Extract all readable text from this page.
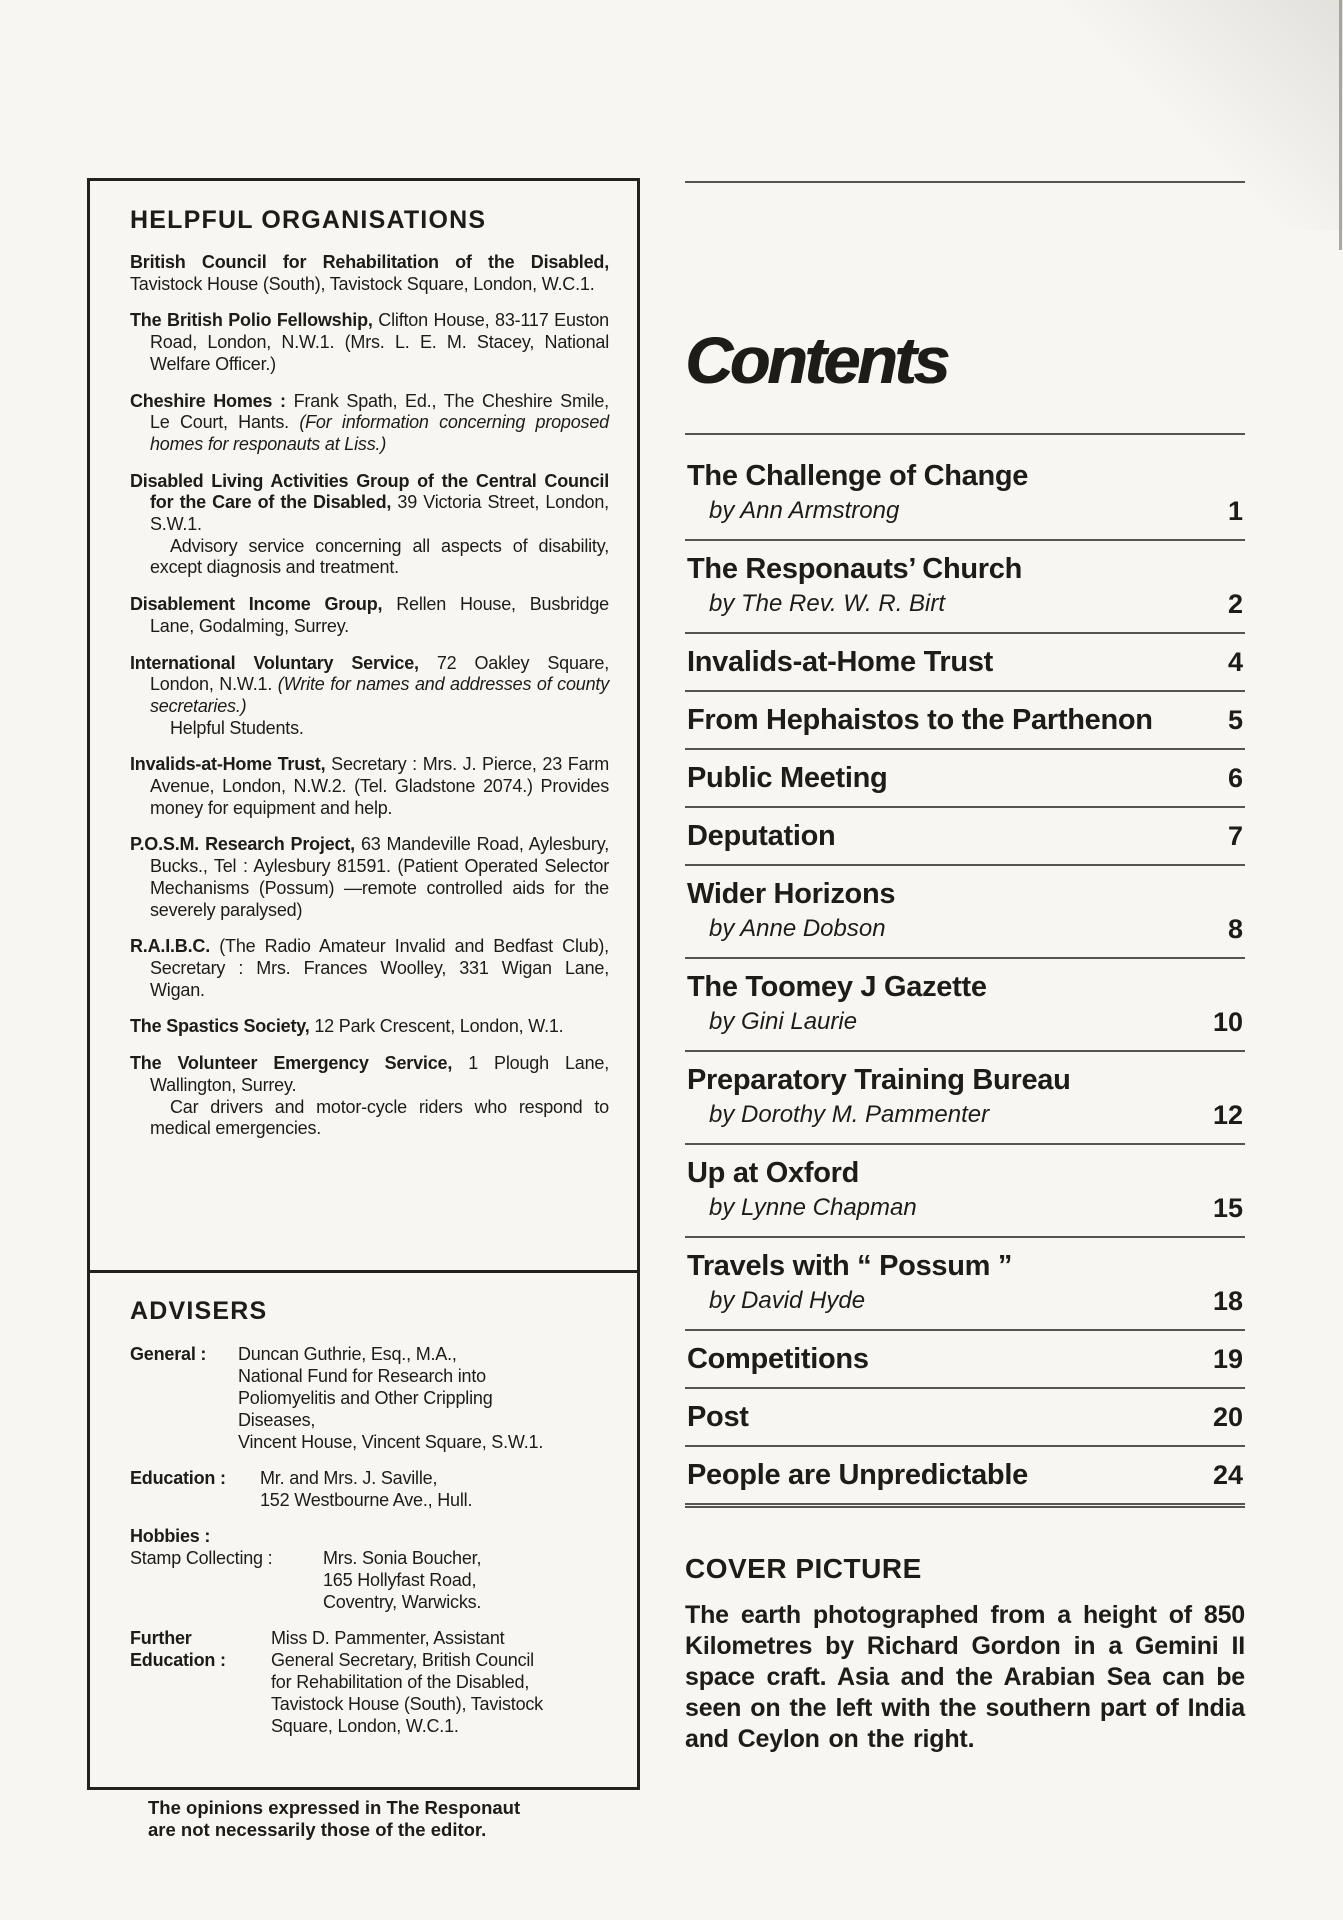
HELPFUL ORGANISATIONS

British Council for Rehabilitation of the Disabled, Tavistock House (South), Tavistock Square, London, W.C.1.

The British Polio Fellowship, Clifton House, 83-117 Euston Road, London, N.W.1. (Mrs. L. E. M. Stacey, National Welfare Officer.)

Cheshire Homes : Frank Spath, Ed., The Cheshire Smile, Le Court, Hants. (For information concerning proposed homes for responauts at Liss.)

Disabled Living Activities Group of the Central Council for the Care of the Disabled, 39 Victoria Street, London, S.W.1.
Advisory service concerning all aspects of disability, except diagnosis and treatment.

Disablement Income Group, Rellen House, Busbridge Lane, Godalming, Surrey.

International Voluntary Service, 72 Oakley Square, London, N.W.1. (Write for names and addresses of county secretaries.)
Helpful Students.

Invalids-at-Home Trust, Secretary : Mrs. J. Pierce, 23 Farm Avenue, London, N.W.2. (Tel. Gladstone 2074.) Provides money for equipment and help.

P.O.S.M. Research Project, 63 Mandeville Road, Aylesbury, Bucks., Tel : Aylesbury 81591. (Patient Operated Selector Mechanisms (Possum) —remote controlled aids for the severely paralysed)

R.A.I.B.C. (The Radio Amateur Invalid and Bedfast Club), Secretary : Mrs. Frances Woolley, 331 Wigan Lane, Wigan.

The Spastics Society, 12 Park Crescent, London, W.1.

The Volunteer Emergency Service, 1 Plough Lane, Wallington, Surrey.
Car drivers and motor-cycle riders who respond to medical emergencies.

ADVISERS
General :	Duncan Guthrie, Esq., M.A.,
National Fund for Research into
Poliomyelitis and Other Crippling
Diseases,
Vincent House, Vincent Square, S.W.1.
Education :	Mr. and Mrs. J. Saville,
152 Westbourne Ave., Hull.
Hobbies :
Stamp Collecting :	Mrs. Sonia Boucher,
165 Hollyfast Road,
Coventry, Warwicks.
Further
Education :
Miss D. Pammenter, Assistant
General Secretary, British Council
for Rehabilitation of the Disabled,
Tavistock House (South), Tavistock
Square, London, W.C.1.
The opinions expressed in The Responaut
are not necessarily those of the editor.
Contents
The Challenge of Change
by Ann Armstrong	1
The Responauts’ Church
by The Rev. W. R. Birt	2
Invalids-at-Home Trust	4
From Hephaistos to the Parthenon	5
Public Meeting	6
Deputation	7
Wider Horizons
by Anne Dobson	8
The Toomey J Gazette
by Gini Laurie	10
Preparatory Training Bureau
by Dorothy M. Pammenter	12
Up at Oxford
by Lynne Chapman	15
Travels with “ Possum ”
by David Hyde	18
Competitions	19
Post	20
People are Unpredictable	24
COVER PICTURE

The earth photographed from a height of 850 Kilometres by Richard Gordon in a Gemini II space craft. Asia and the Arabian Sea can be seen on the left with the southern part of India and Ceylon on the right.
